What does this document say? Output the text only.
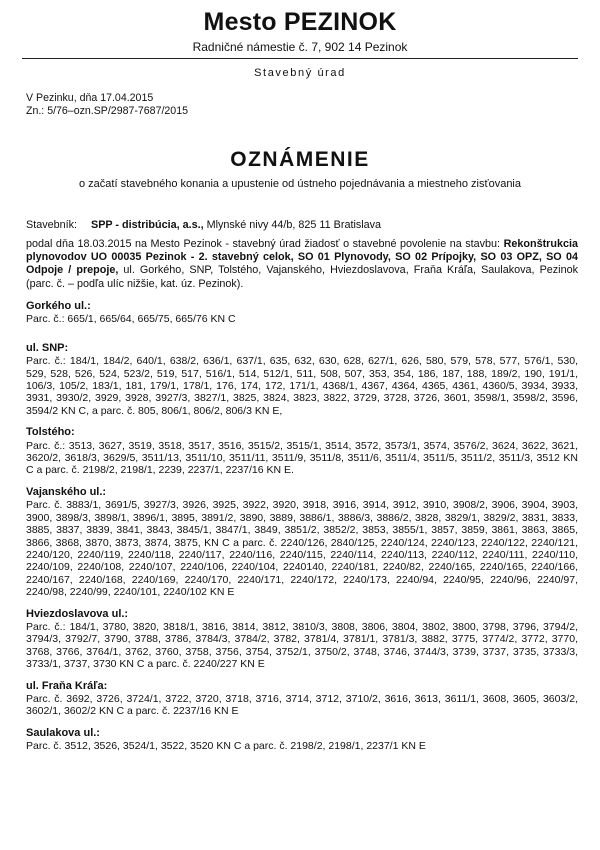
Mesto PEZINOK
Radničné námestie č. 7, 902 14 Pezinok
Stavebný úrad
V Pezinku, dňa 17.04.2015
Zn.: 5/76–ozn.SP/2987-7687/2015
OZNÁMENIE
o začatí stavebného konania a upustenie od ústneho pojednávania a miestneho zisťovania
Stavebník: SPP - distribúcia, a.s., Mlynské nivy 44/b, 825 11 Bratislava
podal dňa 18.03.2015 na Mesto Pezinok - stavebný úrad žiadosť o stavebné povolenie na stavbu: Rekonštrukcia plynovodov UO 00035 Pezinok - 2. stavebný celok, SO 01 Plynovody, SO 02 Prípojky, SO 03 OPZ, SO 04 Odpoje / prepoje, ul. Gorkého, SNP, Tolstého, Vajanského, Hviezdoslavova, Fraňa Kráľa, Saulakova, Pezinok (parc. č. – podľa ulíc nižšie, kat. úz. Pezinok).
Gorkého ul.:
Parc. č.: 665/1, 665/64, 665/75, 665/76 KN C
ul. SNP:
Parc. č.: 184/1, 184/2, 640/1, 638/2, 636/1, 637/1, 635, 632, 630, 628, 627/1, 626, 580, 579, 578, 577, 576/1, 530, 529, 528, 526, 524, 523/2, 519, 517, 516/1, 514, 512/1, 511, 508, 507, 353, 354, 186, 187, 188, 189/2, 190, 191/1, 106/3, 105/2, 183/1, 181, 179/1, 178/1, 176, 174, 172, 171/1, 4368/1, 4367, 4364, 4365, 4361, 4360/5, 3934, 3933, 3931, 3930/2, 3929, 3928, 3927/3, 3827/1, 3825, 3824, 3823, 3822, 3729, 3728, 3726, 3601, 3598/1, 3598/2, 3596, 3594/2 KN C, a parc. č. 805, 806/1, 806/2, 806/3 KN E,
Tolstého:
Parc. č.: 3513, 3627, 3519, 3518, 3517, 3516, 3515/2, 3515/1, 3514, 3572, 3573/1, 3574, 3576/2, 3624, 3622, 3621, 3620/2, 3618/3, 3629/5, 3511/13, 3511/10, 3511/11, 3511/9, 3511/8, 3511/6, 3511/4, 3511/5, 3511/2, 3511/3, 3512 KN C a parc. č. 2198/2, 2198/1, 2239, 2237/1, 2237/16 KN E.
Vajanského ul.:
Parc. č. 3883/1, 3691/5, 3927/3, 3926, 3925, 3922, 3920, 3918, 3916, 3914, 3912, 3910, 3908/2, 3906, 3904, 3903, 3900, 3898/3, 3898/1, 3896/1, 3895, 3891/2, 3890, 3889, 3886/1, 3886/3, 3886/2, 3828, 3829/1, 3829/2, 3831, 3833, 3885, 3837, 3839, 3841, 3843, 3845/1, 3847/1, 3849, 3851/2, 3852/2, 3853, 3855/1, 3857, 3859, 3861, 3863, 3865, 3866, 3868, 3870, 3873, 3874, 3875, KN C a parc. č. 2240/126, 2840/125, 2240/124, 2240/123, 2240/122, 2240/121, 2240/120, 2240/119, 2240/118, 2240/117, 2240/116, 2240/115, 2240/114, 2240/113, 2240/112, 2240/111, 2240/110, 2240/109, 2240/108, 2240/107, 2240/106, 2240/104, 2240140, 2240/181, 2240/82, 2240/165, 2240/165, 2240/166, 2240/167, 2240/168, 2240/169, 2240/170, 2240/171, 2240/172, 2240/173, 2240/94, 2240/95, 2240/96, 2240/97, 2240/98, 2240/99, 2240/101, 2240/102 KN E
Hviezdoslavova ul.:
Parc. č.: 184/1, 3780, 3820, 3818/1, 3816, 3814, 3812, 3810/3, 3808, 3806, 3804, 3802, 3800, 3798, 3796, 3794/2, 3794/3, 3792/7, 3790, 3788, 3786, 3784/3, 3784/2, 3782, 3781/4, 3781/1, 3781/3, 3882, 3775, 3774/2, 3772, 3770, 3768, 3766, 3764/1, 3762, 3760, 3758, 3756, 3754, 3752/1, 3750/2, 3748, 3746, 3744/3, 3739, 3737, 3735, 3733/3, 3733/1, 3737, 3730 KN C a parc. č. 2240/227 KN E
ul. Fraňa Kráľa:
Parc. č. 3692, 3726, 3724/1, 3722, 3720, 3718, 3716, 3714, 3712, 3710/2, 3616, 3613, 3611/1, 3608, 3605, 3603/2, 3602/1, 3602/2 KN C a parc. č. 2237/16 KN E
Saulakova ul.:
Parc. č. 3512, 3526, 3524/1, 3522, 3520 KN C a parc. č. 2198/2, 2198/1, 2237/1 KN E
